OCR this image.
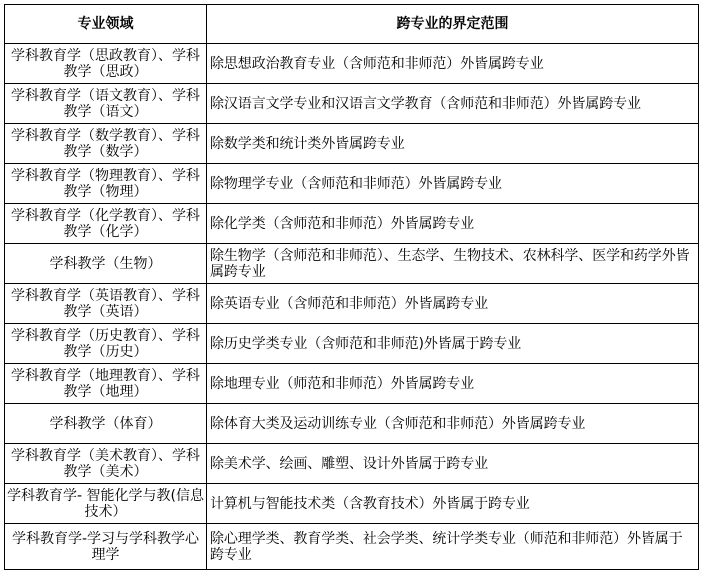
专业领域	跨专业的界定范围
学科教育学（思政教育）、学科教学（思政）	除思想政治教育专业（含师范和非师范）外皆属跨专业
学科教育学（语文教育）、学科教学（语文）	除汉语言文学专业和汉语言文学教育（含师范和非师范）外皆属跨专业
学科教育学（数学教育）、学科教学（数学）	除数学类和统计类外皆属跨专业
学科教育学（物理教育）、学科教学（物理）	除物理学专业（含师范和非师范）外皆属跨专业
学科教育学（化学教育）、学科教学（化学）	除化学类（含师范和非师范）外皆属跨专业
学科教学（生物）	除生物学（含师范和非师范）、生态学、生物技术、农林科学、医学和药学外皆属跨专业
学科教育学（英语教育）、学科教学（英语）	除英语专业（含师范和非师范）外皆属跨专业
学科教育学（历史教育）、学科教学（历史）	除历史学类专业（含师范和非师范)外皆属于跨专业
学科教育学（地理教育）、学科教学（地理）	除地理专业（师范和非师范）外皆属跨专业
学科教学（体育）	除体育大类及运动训练专业（含师范和非师范）外皆属跨专业
学科教育学（美术教育）、学科教学（美术）	除美术学、绘画、雕塑、设计外皆属于跨专业
学科教育学- 智能化学与教(信息技术）	计算机与智能技术类（含教育技术）外皆属于跨专业
学科教育学-学习与学科教学心理学	除心理学类、教育学类、社会学类、统计学类专业（师范和非师范）外皆属于跨专业
